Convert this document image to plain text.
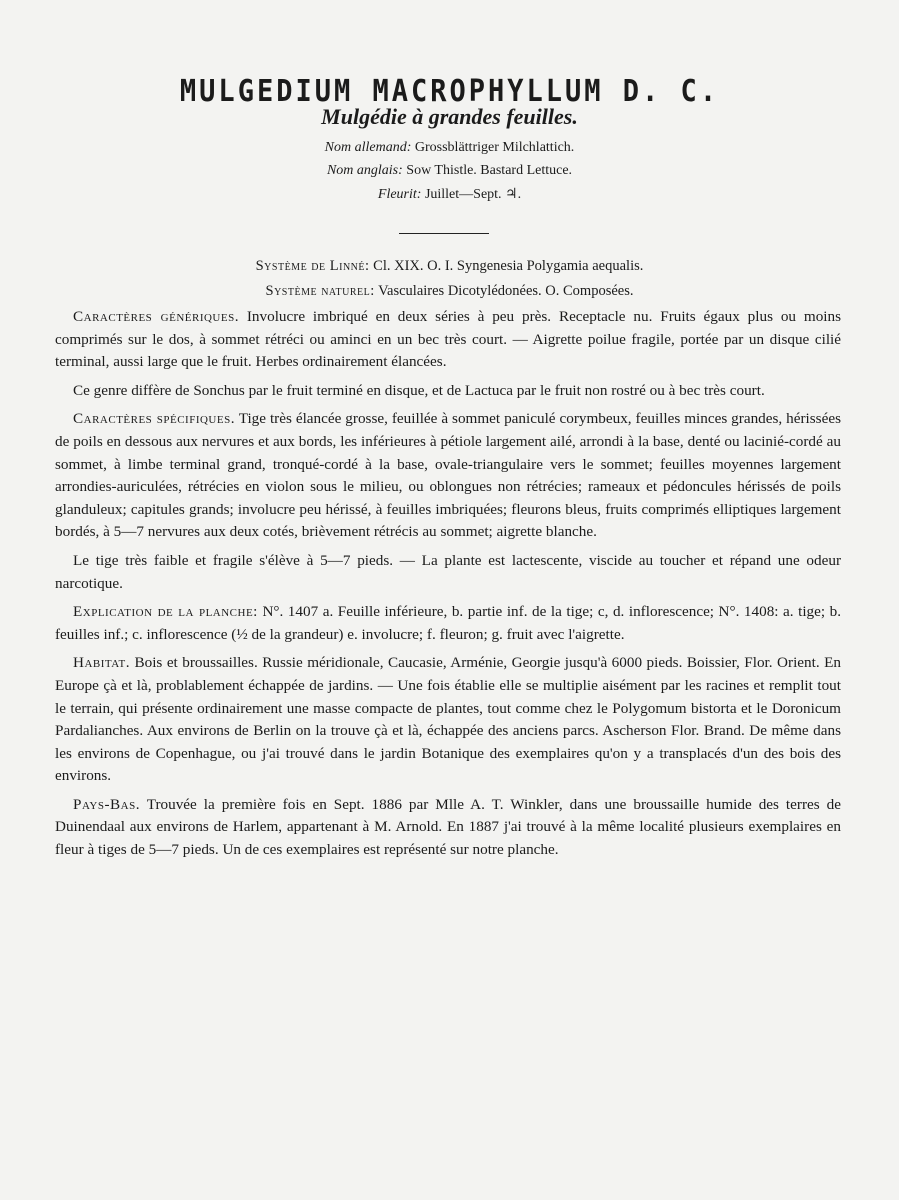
MULGEDIUM MACROPHYLLUM D. C.
Mulgédie à grandes feuilles.
Nom allemand: Grossblättriger Milchlattich.
Nom anglais: Sow Thistle. Bastard Lettuce.
Fleurit: Juillet—Sept. ♃.
Système de Linné: Cl. XIX. O. I. Syngenesia Polygamia aequalis.
Système naturel: Vasculaires Dicotylédonées. O. Composées.

Caractères génériques. Involucre imbriqué en deux séries à peu près. Receptacle nu. Fruits égaux plus ou moins comprimés sur le dos, à sommet rétréci ou aminci en un bec très court. — Aigrette poilue fragile, portée par un disque cilié terminal, aussi large que le fruit. Herbes ordinairement élancées.

Ce genre diffère de Sonchus par le fruit terminé en disque, et de Lactuca par le fruit non rostré ou à bec très court.

Caractères spécifiques. Tige très élancée grosse, feuillée à sommet paniculé corymbeux, feuilles minces grandes, hérissées de poils en dessous aux nervures et aux bords, les inférieures à pétiole largement ailé, arrondi à la base, denté ou lacinié-cordé au sommet, à limbe terminal grand, tronqué-cordé à la base, ovale-triangulaire vers le sommet; feuilles moyennes largement arrondies-auriculées, rétrécies en violon sous le milieu, ou oblongues non rétrécies; rameaux et pédoncules hérissés de poils glanduleux; capitules grands; involucre peu hérissé, à feuilles imbriquées; fleurons bleus, fruits comprimés elliptiques largement bordés, à 5—7 nervures aux deux cotés, brièvement rétrécis au sommet; aigrette blanche.

Le tige très faible et fragile s'élève à 5—7 pieds. — La plante est lactescente, viscide au toucher et répand une odeur narcotique.

Explication de la planche: N°. 1407 a. Feuille inférieure, b. partie inf. de la tige; c, d. inflorescence; N°. 1408: a. tige; b. feuilles inf.; c. inflorescence (½ de la grandeur) e. involucre; f. fleuron; g. fruit avec l'aigrette.

Habitat. Bois et broussailles. Russie méridionale, Caucasie, Arménie, Georgie jusqu'à 6000 pieds. Boissier, Flor. Orient. En Europe çà et là, problablement échappée de jardins. — Une fois établie elle se multiplie aisément par les racines et remplit tout le terrain, qui présente ordinairement une masse compacte de plantes, tout comme chez le Polygomum bistorta et le Doronicum Pardalianches. Aux environs de Berlin on la trouve çà et là, échappée des anciens parcs. Ascherson Flor. Brand. De même dans les environs de Copenhague, ou j'ai trouvé dans le jardin Botanique des exemplaires qu'on y a transplacés d'un des bois des environs.

Pays-Bas. Trouvée la première fois en Sept. 1886 par Mlle A. T. Winkler, dans une broussaille humide des terres de Duinendaal aux environs de Harlem, appartenant à M. Arnold. En 1887 j'ai trouvé à la même localité plusieurs exemplaires en fleur à tiges de 5—7 pieds. Un de ces exemplaires est représenté sur notre planche.
